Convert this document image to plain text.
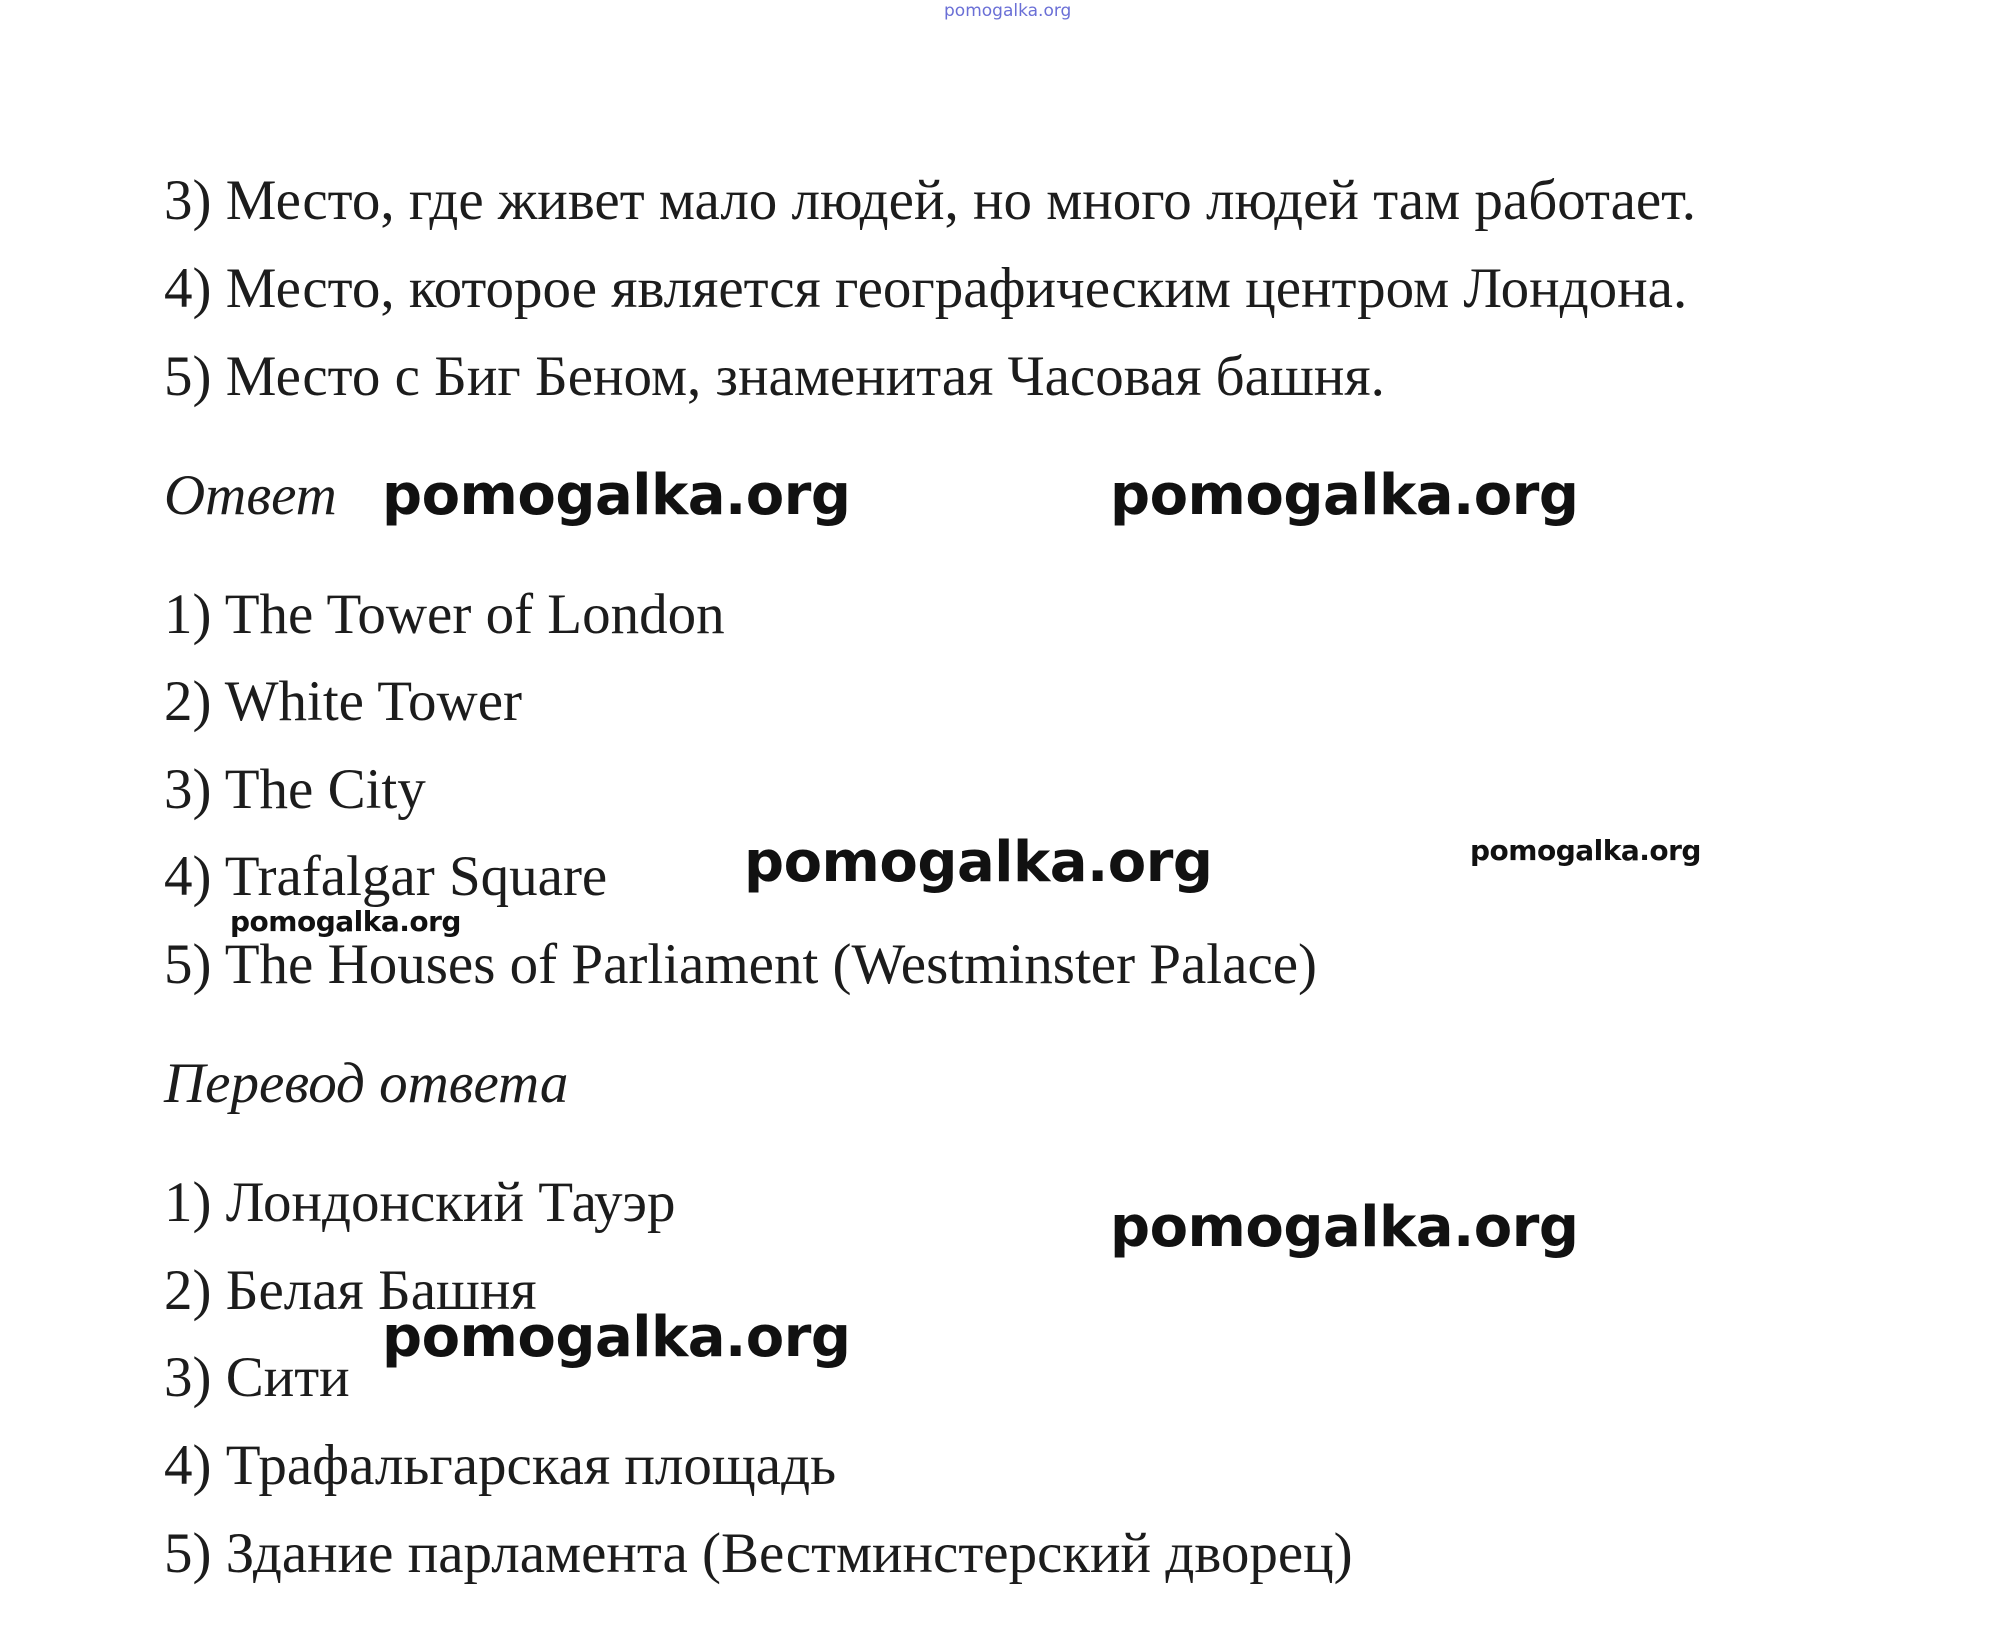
pomogalka.org
3) Место, где живет мало людей, но много людей там работает.
4) Место, которое является географическим центром Лондона.
5) Место с Биг Беном, знаменитая Часовая башня.
Ответ
1) The Tower of London
2) White Tower
3) The City
4) Trafalgar Square
5) The Houses of Parliament (Westminster Palace)
Перевод ответа
1) Лондонский Тауэр
2) Белая Башня
3) Сити
4) Трафальгарская площадь
5) Здание парламента (Вестминстерский дворец)
pomogalka.org	pomogalka.org
pomogalka.org	pomogalka.org
pomogalka.org
pomogalka.org
pomogalka.org
